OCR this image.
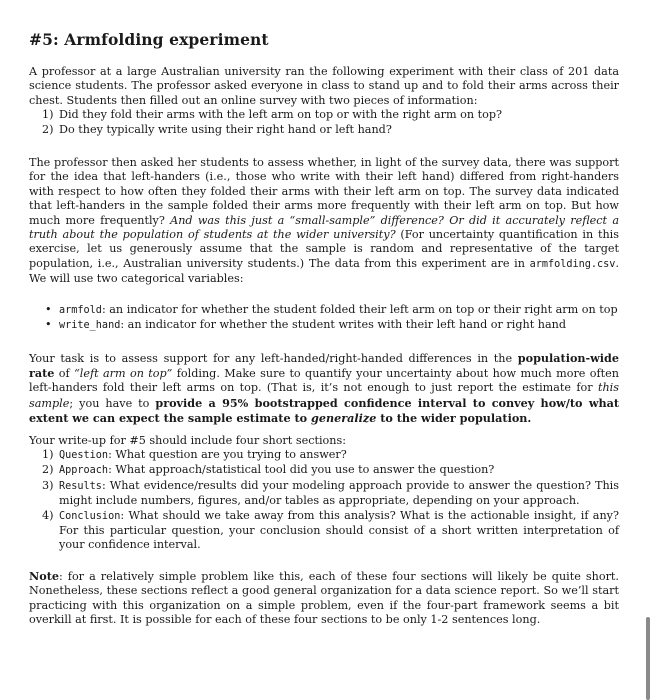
#5: Armfolding experiment

A professor at a large Australian university ran the following experiment with their class of 201 data science students. The professor asked everyone in class to stand up and to fold their arms across their chest. Students then filled out an online survey with two pieces of information:

1) Did they fold their arms with the left arm on top or with the right arm on top?
2) Do they typically write using their right hand or left hand?

The professor then asked her students to assess whether, in light of the survey data, there was support for the idea that left-handers (i.e., those who write with their left hand) differed from right-handers with respect to how often they folded their arms with their left arm on top. The survey data indicated that left-handers in the sample folded their arms more frequently with their left arm on top. But how much more frequently? And was this just a “small-sample” difference? Or did it accurately reflect a truth about the population of students at the wider university? (For uncertainty quantification in this exercise, let us generously assume that the sample is random and representative of the target population, i.e., Australian university students.) The data from this experiment are in armfolding.csv. We will use two categorical variables:

• armfold: an indicator for whether the student folded their left arm on top or their right arm on top
• write_hand: an indicator for whether the student writes with their left hand or right hand

Your task is to assess support for any left-handed/right-handed differences in the population-wide rate of “left arm on top” folding. Make sure to quantify your uncertainty about how much more often left-handers fold their left arms on top. (That is, it’s not enough to just report the estimate for this sample; you have to provide a 95% bootstrapped confidence interval to convey how/to what extent we can expect the sample estimate to generalize to the wider population.

Your write-up for #5 should include four short sections:

1) Question: What question are you trying to answer?
2) Approach: What approach/statistical tool did you use to answer the question?
3) Results: What evidence/results did your modeling approach provide to answer the question? This might include numbers, figures, and/or tables as appropriate, depending on your approach.
4) Conclusion: What should we take away from this analysis? What is the actionable insight, if any? For this particular question, your conclusion should consist of a short written interpretation of your confidence interval.

Note: for a relatively simple problem like this, each of these four sections will likely be quite short. Nonetheless, these sections reflect a good general organization for a data science report. So we’ll start practicing with this organization on a simple problem, even if the four-part framework seems a bit overkill at first. It is possible for each of these four sections to be only 1-2 sentences long.
